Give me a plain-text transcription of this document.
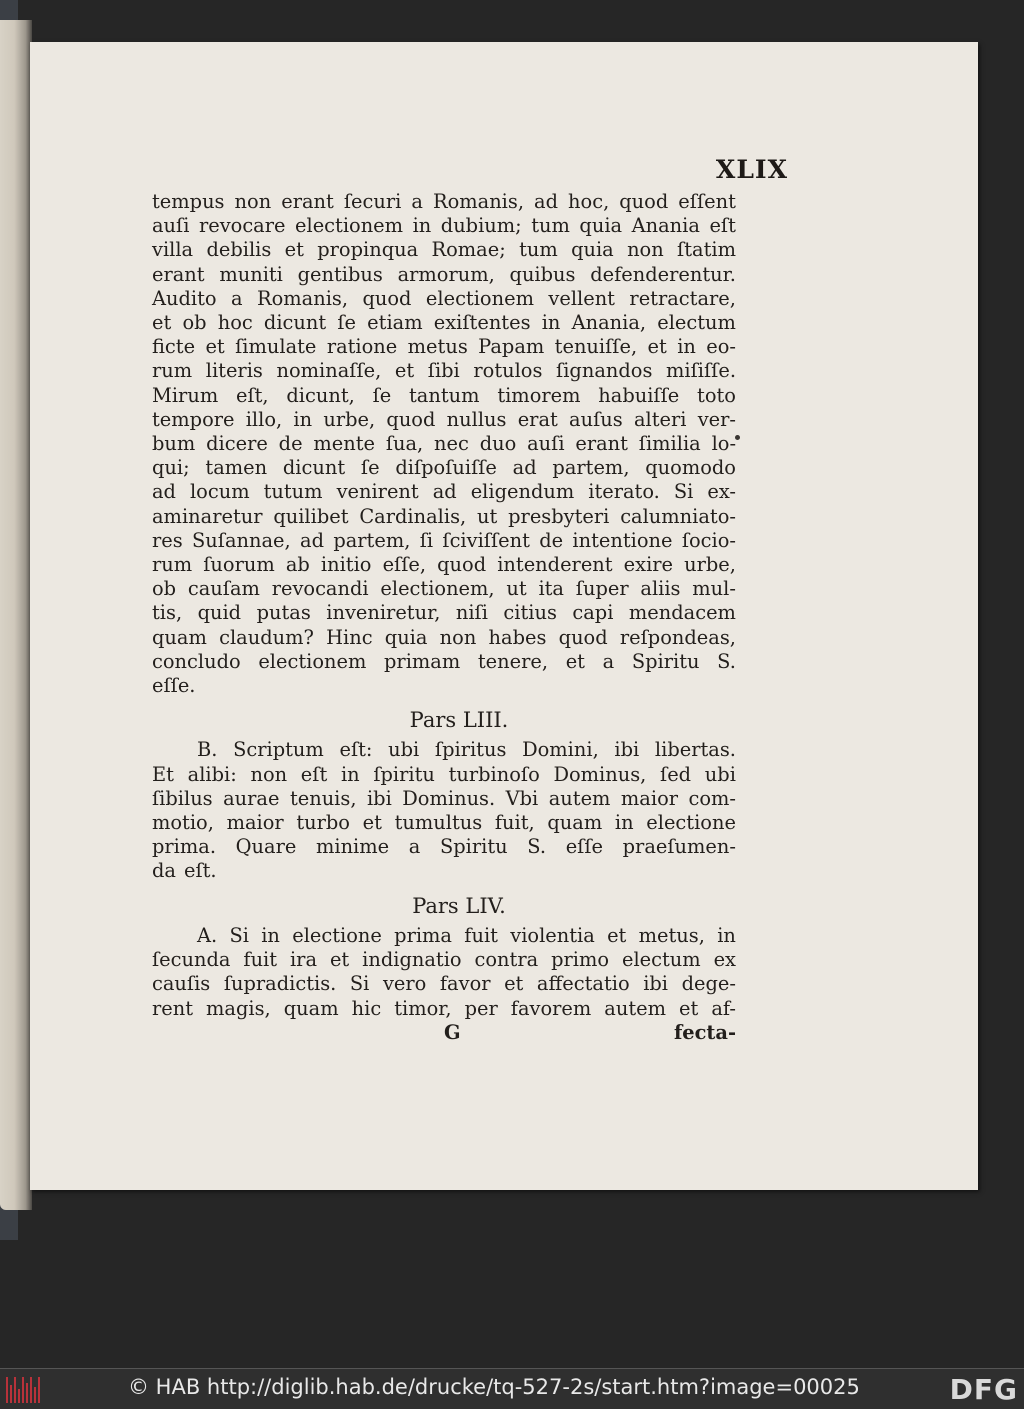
XLIX
tempus non erant ſecuri a Romanis, ad hoc, quod eſſent
auſi revocare electionem in dubium; tum quia Anania eſt
villa debilis et propinqua Romae; tum quia non ſtatim
erant muniti gentibus armorum, quibus defenderentur.
Audito a Romanis, quod electionem vellent retractare,
et ob hoc dicunt ſe etiam exiſtentes in Anania, electum
ficte et ſimulate ratione metus Papam tenuiſſe, et in eo-
rum literis nominaſſe, et ſibi rotulos ſignandos miſiſſe.
Mirum eſt, dicunt, ſe tantum timorem habuiſſe toto
tempore illo, in urbe, quod nullus erat auſus alteri ver-
bum dicere de mente ſua, nec duo auſi erant ſimilia lo-
qui; tamen dicunt ſe diſpoſuiſſe ad partem, quomodo
ad locum tutum venirent ad eligendum iterato. Si ex-
aminaretur quilibet Cardinalis, ut presbyteri calumniato-
res Suſannae, ad partem, ſi ſciviſſent de intentione ſocio-
rum ſuorum ab initio eſſe, quod intenderent exire urbe,
ob cauſam revocandi electionem, ut ita ſuper aliis mul-
tis, quid putas inveniretur, niſi citius capi mendacem
quam claudum? Hinc quia non habes quod reſpondeas,
concludo electionem primam tenere, et a Spiritu S.
eſſe.
Pars LIII.
B. Scriptum eſt: ubi ſpiritus Domini, ibi libertas.
Et alibi: non eſt in ſpiritu turbinoſo Dominus, ſed ubi
ſibilus aurae tenuis, ibi Dominus. Vbi autem maior com-
motio, maior turbo et tumultus fuit, quam in electione
prima. Quare minime a Spiritu S. eſſe praeſumen-
da eſt.
Pars LIV.
A. Si in electione prima fuit violentia et metus, in
ſecunda fuit ira et indignatio contra primo electum ex
cauſis ſupradictis. Si vero favor et affectatio ibi dege-
rent magis, quam hic timor, per favorem autem et af-
G	fecta-
© HAB http://diglib.hab.de/drucke/tq-527-2s/start.htm?image=00025	DFG
